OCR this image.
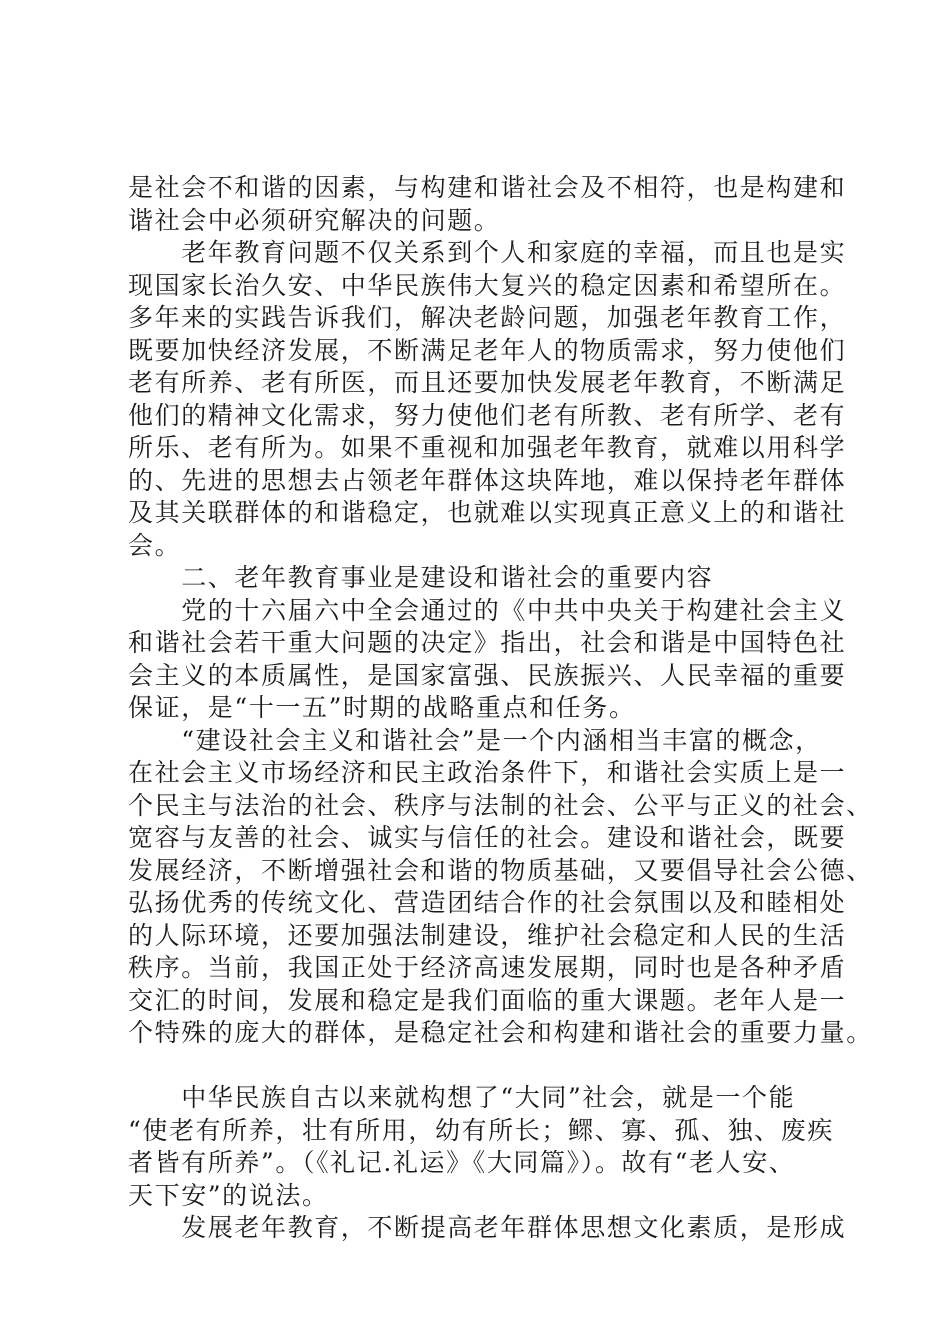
是社会不和谐的因素，与构建和谐社会及不相符，也是构建和
谐社会中必须研究解决的问题。
　　老年教育问题不仅关系到个人和家庭的幸福，而且也是实
现国家长治久安、中华民族伟大复兴的稳定因素和希望所在。
多年来的实践告诉我们，解决老龄问题，加强老年教育工作，
既要加快经济发展，不断满足老年人的物质需求，努力使他们
老有所养、老有所医，而且还要加快发展老年教育，不断满足
他们的精神文化需求，努力使他们老有所教、老有所学、老有
所乐、老有所为。如果不重视和加强老年教育，就难以用科学
的、先进的思想去占领老年群体这块阵地，难以保持老年群体
及其关联群体的和谐稳定，也就难以实现真正意义上的和谐社
会。
　　二、老年教育事业是建设和谐社会的重要内容
　　党的十六届六中全会通过的《中共中央关于构建社会主义
和谐社会若干重大问题的决定》指出，社会和谐是中国特色社
会主义的本质属性，是国家富强、民族振兴、人民幸福的重要
保证，是“十一五”时期的战略重点和任务。
　　“建设社会主义和谐社会”是一个内涵相当丰富的概念，
在社会主义市场经济和民主政治条件下，和谐社会实质上是一
个民主与法治的社会、秩序与法制的社会、公平与正义的社会、
宽容与友善的社会、诚实与信任的社会。建设和谐社会，既要
发展经济，不断增强社会和谐的物质基础，又要倡导社会公德、
弘扬优秀的传统文化、营造团结合作的社会氛围以及和睦相处
的人际环境，还要加强法制建设，维护社会稳定和人民的生活
秩序。当前，我国正处于经济高速发展期，同时也是各种矛盾
交汇的时间，发展和稳定是我们面临的重大课题。老年人是一
个特殊的庞大的群体，是稳定社会和构建和谐社会的重要力量。
　　中华民族自古以来就构想了“大同”社会，就是一个能
“使老有所养，壮有所用，幼有所长；鳏、寡、孤、独、废疾
者皆有所养”。（《礼记.礼运》《大同篇》）。故有“老人安、
天下安”的说法。
　　发展老年教育，不断提高老年群体思想文化素质，是形成
